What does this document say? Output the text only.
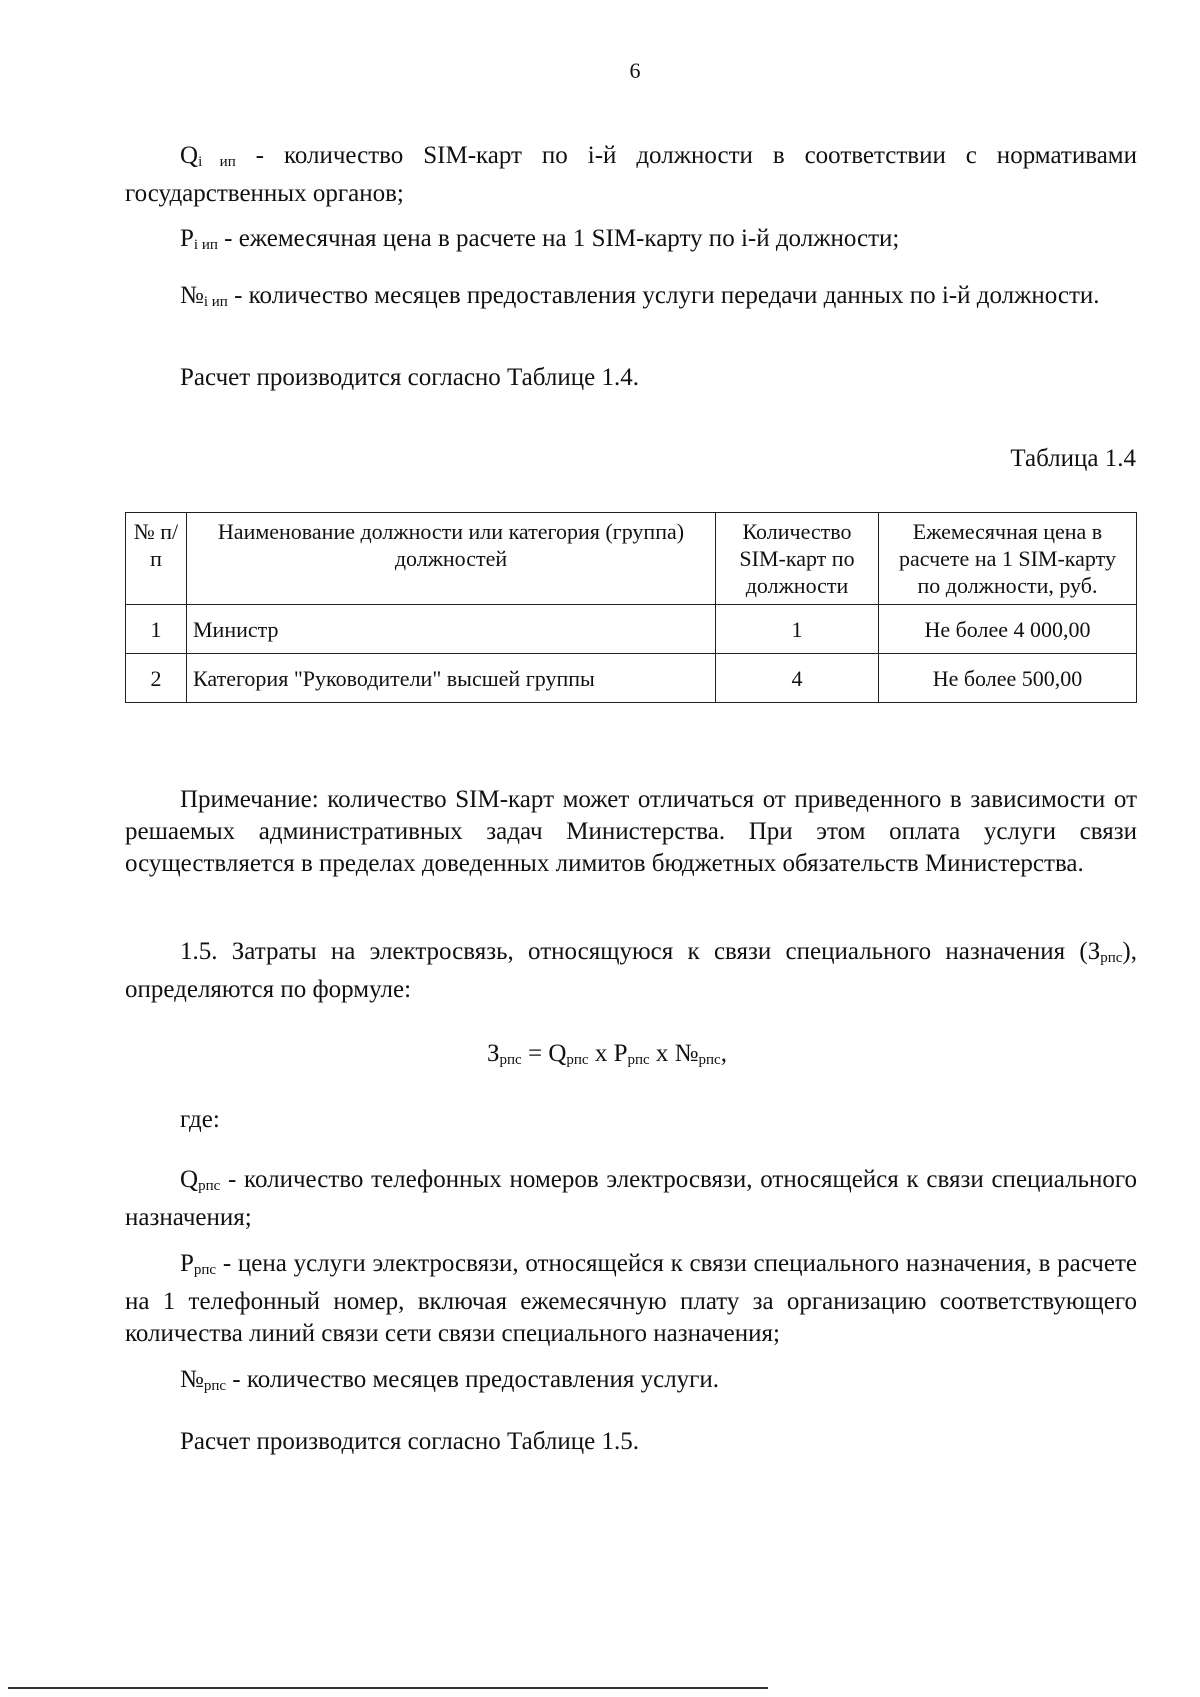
6

$Q_{i ип}$ - количество SIM-карт по i-й должности в соответствии с нормативами государственных органов;

$P_{i ип}$ - ежемесячная цена в расчете на 1 SIM-карту по i-й должности;

$№_{i ип}$ - количество месяцев предоставления услуги передачи данных по i-й должности.

Расчет производится согласно Таблице 1.4.

Таблица 1.4
№ п/п	Наименование должности или категория (группа) должностей	Количество SIM-карт по должности	Ежемесячная цена в расчете на 1 SIM-карту по должности, руб.
1	Министр	1	Не более 4 000,00
2	Категория "Руководители" высшей группы	4	Не более 500,00

Примечание: количество SIM-карт может отличаться от приведенного в зависимости от решаемых административных задач Министерства. При этом оплата услуги связи осуществляется в пределах доведенных лимитов бюджетных обязательств Министерства.

1.5. Затраты на электросвязь, относящуюся к связи специального назначения $(З_{рпс})$, определяются по формуле:

$З_{рпс} = Q_{рпс}$ x $P_{рпс}$ x $№_{рпс}$,

где:

$Q_{рпс}$ - количество телефонных номеров электросвязи, относящейся к связи специального назначения;

$P_{рпс}$ - цена услуги электросвязи, относящейся к связи специального назначения, в расчете на 1 телефонный номер, включая ежемесячную плату за организацию соответствующего количества линий связи сети связи специального назначения;

$№_{рпс}$ - количество месяцев предоставления услуги.

Расчет производится согласно Таблице 1.5.
